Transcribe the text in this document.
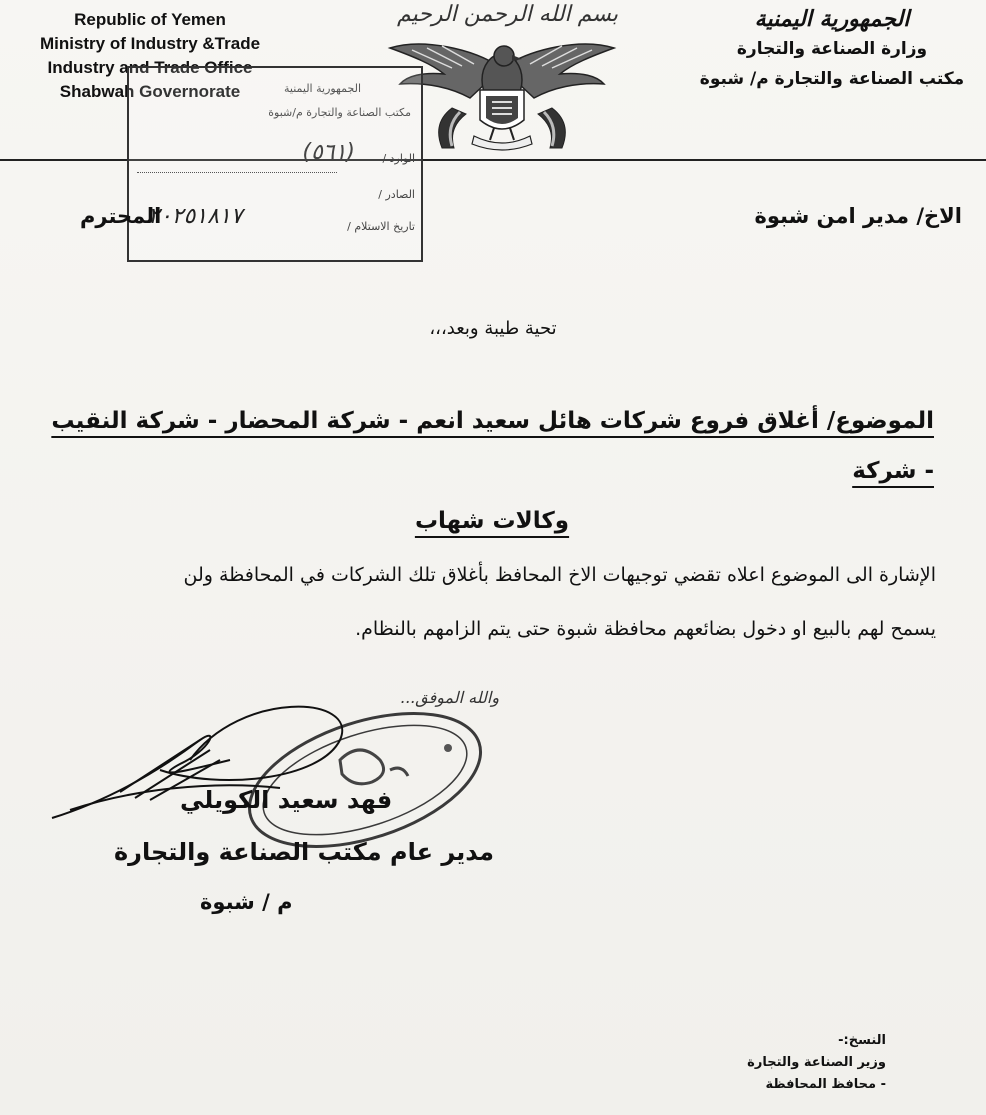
Republic of Yemen
Ministry of Industry &Trade
Industry and Trade Office
Shabwah Governorate
بسم الله الرحمن الرحيم	الجمهورية اليمنية
وزارة الصناعة والتجارة
مكتب الصناعة والتجارة م/ شبوة
الجمهورية اليمنية
مكتب الصناعة والتجارة م/شبوة
الوارد /
(٥٦١)
الصادر /
تاريخ الاستلام /	الاخ/ مدير امن شبوة
٢٠٢٥١٨١٧
المحترم
تحية طيبة وبعد،،،
الموضوع/ أغلاق فروع شركات هائل سعيد انعم - شركة المحضار - شركة النقيب - شركة
وكالات شهاب
الإشارة الى الموضوع اعلاه تقضي توجيهات الاخ المحافظ بأغلاق تلك الشركات في المحافظة ولن
يسمح لهم بالبيع او دخول بضائعهم محافظة شبوة حتى يتم الزامهم بالنظام.
والله الموفق...
فهد سعيد الكويلي
مدير عام مكتب الصناعة والتجارة
م / شبوة
النسخ:-
وزير الصناعة والتجارة
- محافظ المحافظة
